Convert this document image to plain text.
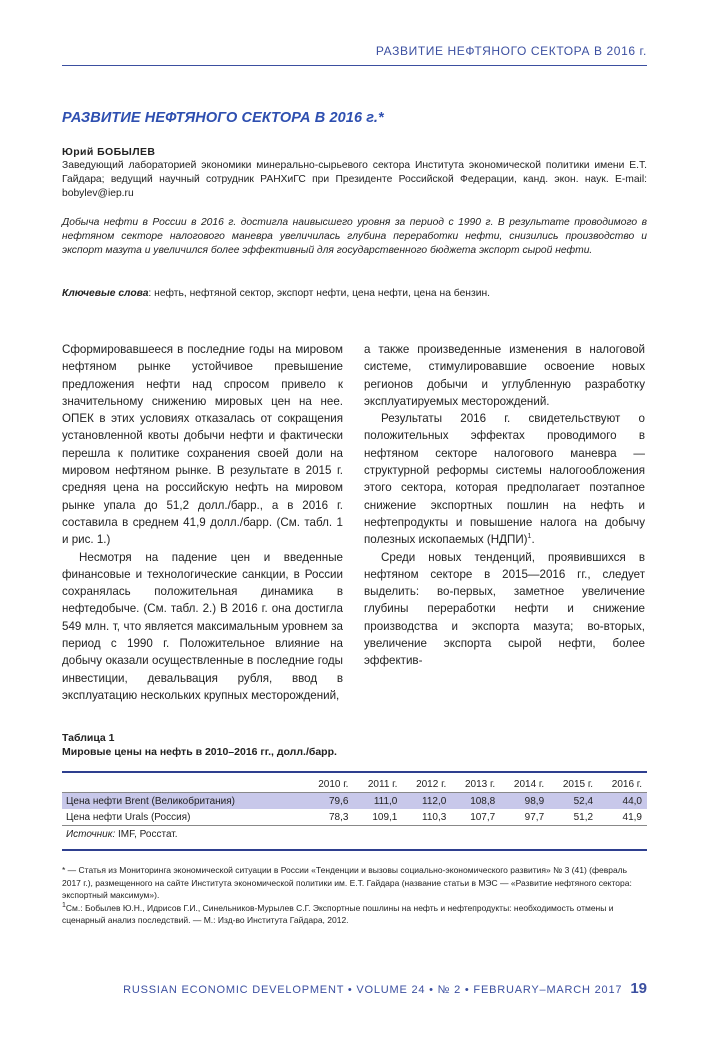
РАЗВИТИЕ НЕФТЯНОГО СЕКТОРА В 2016 г.
РАЗВИТИЕ НЕФТЯНОГО СЕКТОРА В 2016 г.*
Юрий БОБЫЛЕВ
Заведующий лабораторией экономики минерально-сырьевого сектора Института экономической политики имени Е.Т. Гайдара; ведущий научный сотрудник РАНХиГС при Президенте Российской Федерации, канд. экон. наук. E-mail: bobylev@iep.ru
Добыча нефти в России в 2016 г. достигла наивысшего уровня за период с 1990 г. В результате проводимого в нефтяном секторе налогового маневра увеличилась глубина переработки нефти, снизились производство и экспорт мазута и увеличился более эффективный для государственного бюджета экспорт сырой нефти.
Ключевые слова: нефть, нефтяной сектор, экспорт нефти, цена нефти, цена на бензин.

Сформировавшееся в последние годы на мировом нефтяном рынке устойчивое превышение предложения нефти над спросом привело к значительному снижению мировых цен на нее. ОПЕК в этих условиях отказалась от сокращения установленной квоты добычи нефти и фактически перешла к политике сохранения своей доли на мировом нефтяном рынке. В результате в 2015 г. средняя цена на российскую нефть на мировом рынке упала до 51,2 долл./барр., а в 2016 г. составила в среднем 41,9 долл./барр. (См. табл. 1 и рис. 1.)

Несмотря на падение цен и введенные финансовые и технологические санкции, в России сохранялась положительная динамика в нефтедобыче. (См. табл. 2.) В 2016 г. она достигла 549 млн. т, что является максимальным уровнем за период с 1990 г. Положительное влияние на добычу оказали осуществленные в последние годы инвестиции, девальвация рубля, ввод в эксплуатацию нескольких крупных месторождений,

а также произведенные изменения в налоговой системе, стимулировавшие освоение новых регионов добычи и углубленную разработку эксплуатируемых месторождений.

Результаты 2016 г. свидетельствуют о положительных эффектах проводимого в нефтяном секторе налогового маневра — структурной реформы системы налогообложения этого сектора, которая предполагает поэтапное снижение экспортных пошлин на нефть и нефтепродукты и повышение налога на добычу полезных ископаемых (НДПИ)$^1$.

Среди новых тенденций, проявившихся в нефтяном секторе в 2015—2016 гг., следует выделить: во-первых, заметное увеличение глубины переработки нефти и снижение производства и экспорта мазута; во-вторых, увеличение экспорта сырой нефти, более эффектив-

Таблица 1
Мировые цены на нефть в 2010–2016 гг., долл./барр.
	2010 г.	2011 г.	2012 г.	2013 г.	2014 г.	2015 г.	2016 г.
Цена нефти Brent (Великобритания)	79,6	111,0	112,0	108,8	98,9	52,4	44,0
Цена нефти Urals (Россия)	78,3	109,1	110,3	107,7	97,7	51,2	41,9
Источник: IMF, Росстат.							

* — Статья из Мониторинга экономической ситуации в России «Тенденции и вызовы социально-экономического развития» № 3 (41) (февраль 2017 г.), размещенного на сайте Института экономической политики им. Е.Т. Гайдара (название статьи в МЭС — «Развитие нефтяного сектора: экспортный максимум»).

$^1$См.: Бобылев Ю.Н., Идрисов Г.И., Синельников-Мурылев С.Г. Экспортные пошлины на нефть и нефтепродукты: необходимость отмены и сценарный анализ последствий. — М.: Изд-во Института Гайдара, 2012.

RUSSIAN ECONOMIC DEVELOPMENT • VOLUME 24 • № 2 • FEBRUARY–MARCH 2017 19
